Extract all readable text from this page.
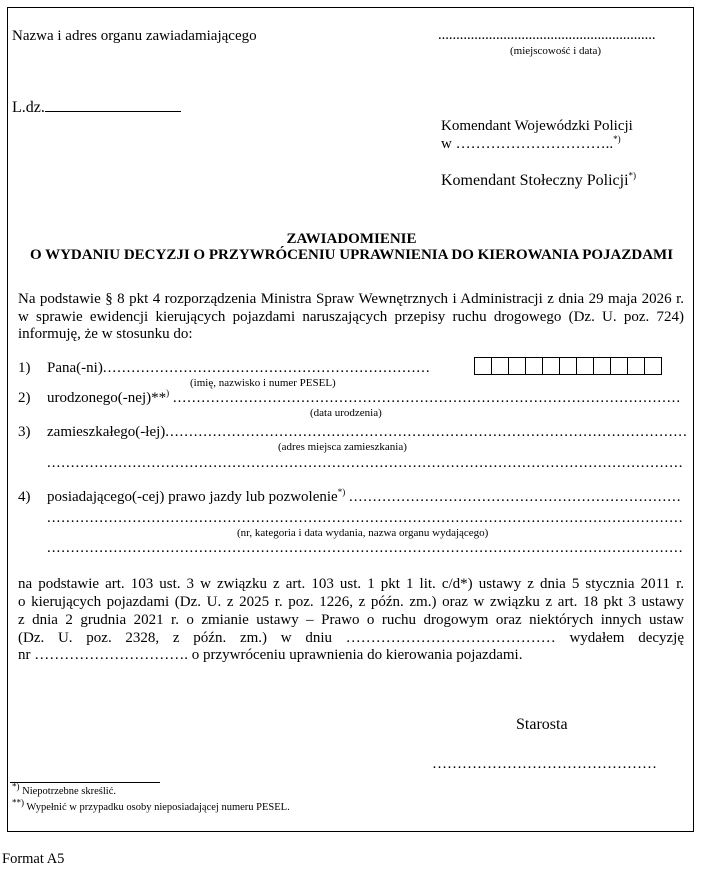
Nazwa i adres organu zawiadamiającego	............................................................
(miejscowość i data)
L.dz.
Komendant Wojewódzki Policji
w …………………………..*)
Komendant Stołeczny Policji*)
ZAWIADOMIENIE
O WYDANIU DECYZJI O PRZYWRÓCENIU UPRAWNIENIA DO KIEROWANIA POJAZDAMI
Na podstawie § 8 pkt 4 rozporządzenia Ministra Spraw Wewnętrznych i Administracji z dnia 29 maja 2026 r.
w sprawie ewidencji kierujących pojazdami naruszających przepisy ruchu drogowego (Dz. U. poz. 724)
informuję, że w stosunku do:
1) Pana(-ni)
.....
(imię, nazwisko i numer PESEL)
2) urodzonego(-nej)**)
.....
(data urodzenia)
3) zamieszkałego(-łej)
.....
(adres miejsca zamieszkania)
.....
4) posiadającego(-cej) prawo jazdy lub pozwolenie*)
.....
.....
(nr, kategoria i data wydania, nazwa organu wydającego)
.....
na podstawie art. 103 ust. 3 w związku z art. 103 ust. 1 pkt 1 lit. c/d*) ustawy z dnia 5 stycznia 2011 r.
o kierujących pojazdami (Dz. U. z 2025 r. poz. 1226, z późn. zm.) oraz w związku z art. 18 pkt 3 ustawy
z dnia 2 grudnia 2021 r. o zmianie ustawy – Prawo o ruchu drogowym oraz niektórych innych ustaw
(Dz. U. poz. 2328, z późn. zm.) w dniu …………………………………… wydałem decyzję
nr …………………………. o przywróceniu uprawnienia do kierowania pojazdami.
Starosta
………………………………………
*) Niepotrzebne skreślić.
**) Wypełnić w przypadku osoby nieposiadającej numeru PESEL.
Format A5
